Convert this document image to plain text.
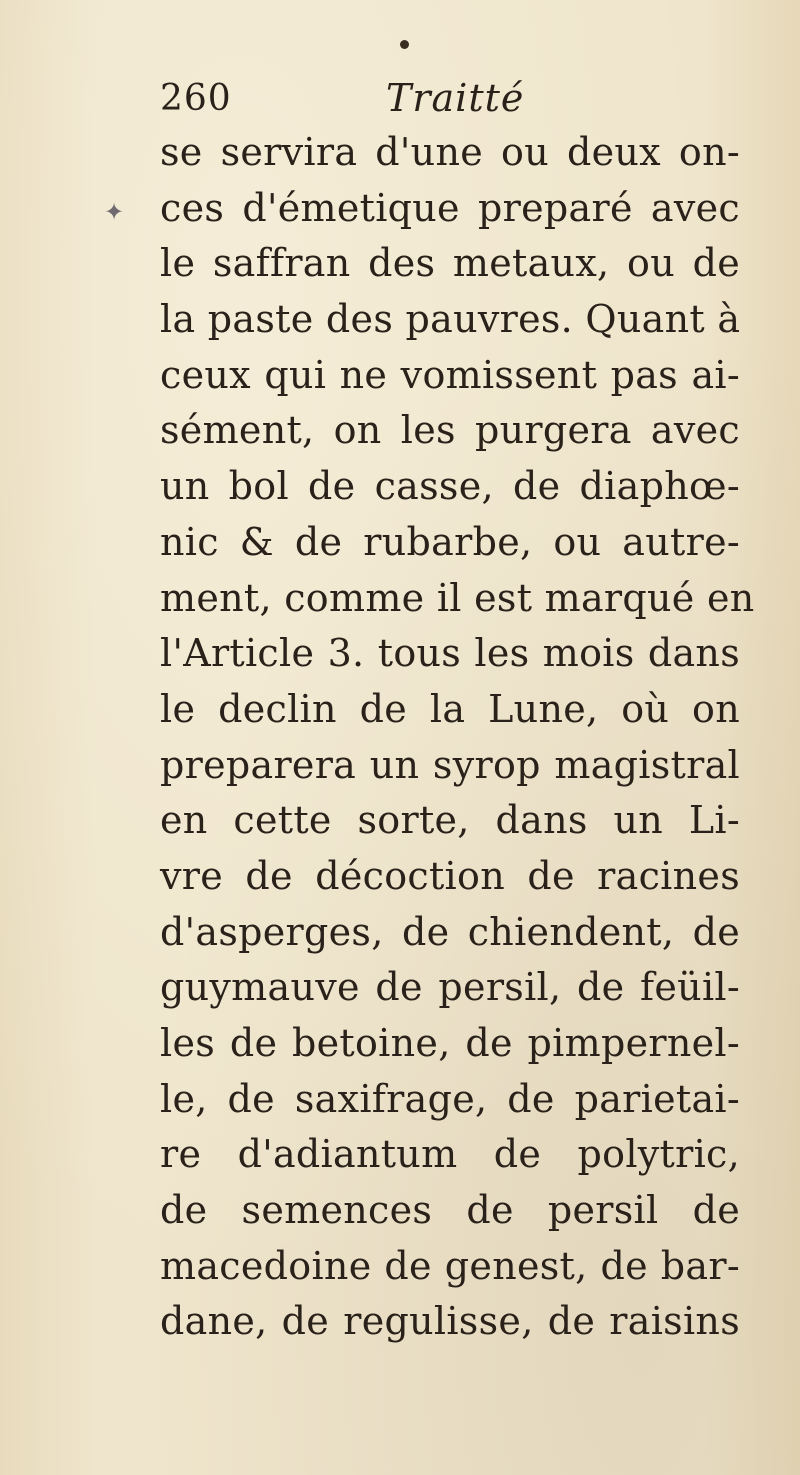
260	Traitté
✦
se servira d'une ou deux on-
ces d'émetique preparé avec
le saffran des metaux, ou de
la paste des pauvres. Quant à
ceux qui ne vomissent pas ai-
sément, on les purgera avec
un bol de casse, de diaphœ-
nic & de rubarbe, ou autre-
ment, comme il est marqué en
l'Article 3. tous les mois dans
le declin de la Lune, où on
preparera un syrop magistral
en cette sorte, dans un Li-
vre de décoction de racines
d'asperges, de chiendent, de
guymauve de persil, de feüil-
les de betoine, de pimpernel-
le, de saxifrage, de parietai-
re d'adiantum de polytric,
de semences de persil de
macedoine de genest, de bar-
dane, de regulisse, de raisins
